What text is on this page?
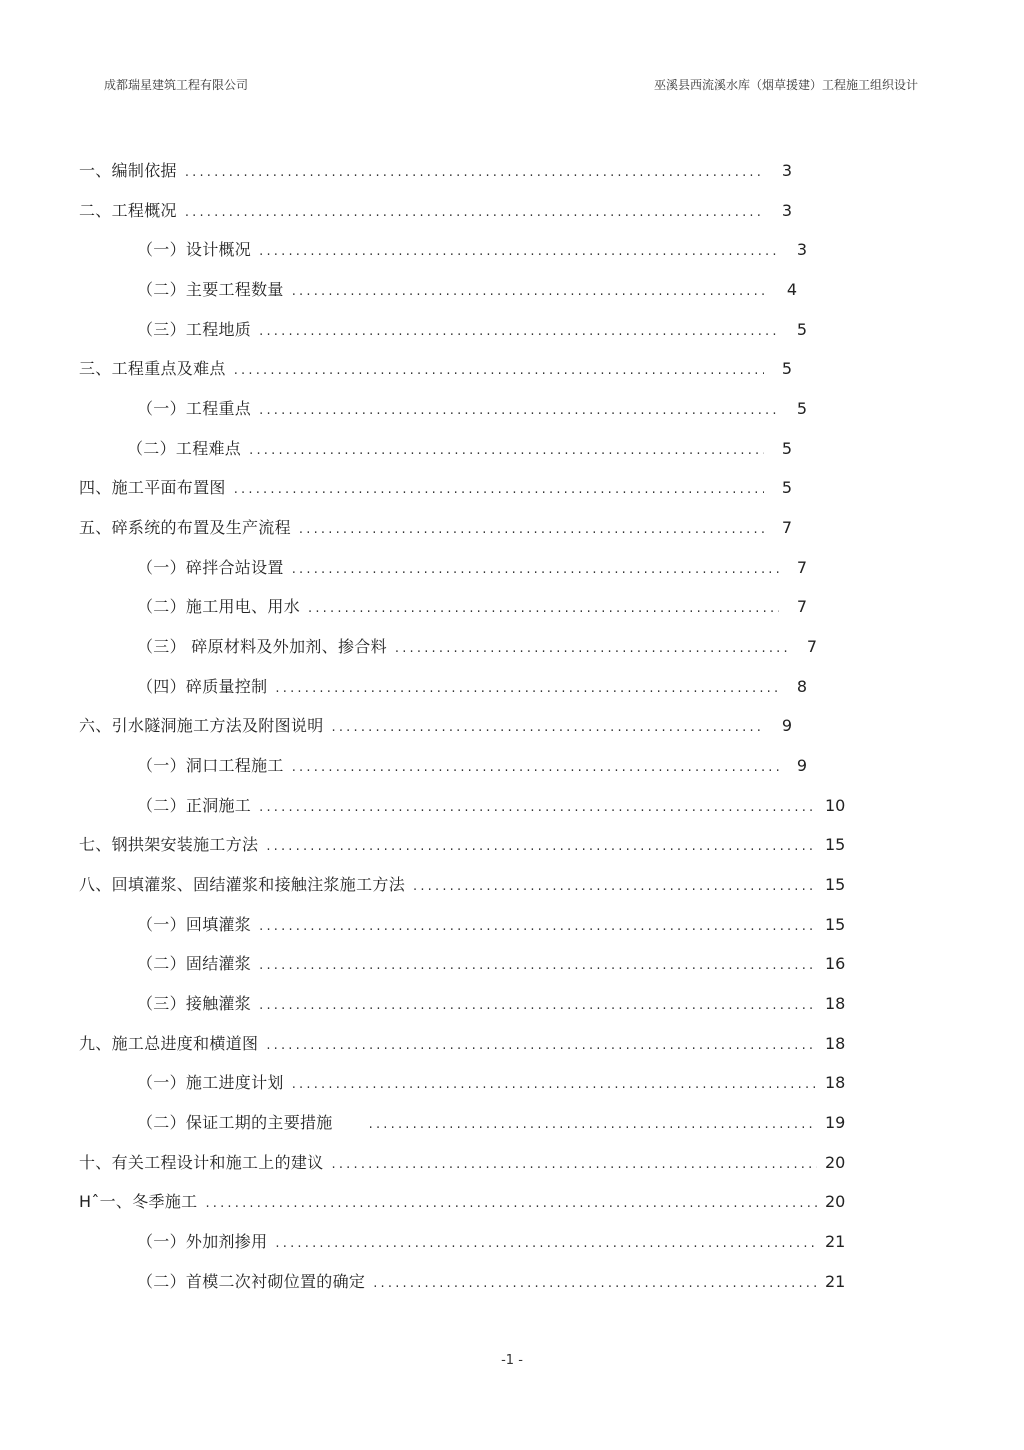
成都瑞星建筑工程有限公司	巫溪县西流溪水库（烟草援建）工程施工组织设计
一、编制依据 .....	3
二、工程概况 .....	3
（一）设计概况 .....	3
（二）主要工程数量 .....	4
（三）工程地质 .....	5
三、工程重点及难点 .....	5
（一）工程重点 .....	5
（二）工程难点 .....	5
四、施工平面布置图 .....	5
五、碎系统的布置及生产流程 .....	7
（一）碎拌合站设置 .....	7
（二）施工用电、用水 .....	7
（三） 碎原材料及外加剂、掺合料 .....	7
（四）碎质量控制 .....	8
六、引水隧洞施工方法及附图说明 .....	9
（一）洞口工程施工 .....	9
（二）正洞施工 .....	10
七、钢拱架安装施工方法 .....	15
八、回填灌浆、固结灌浆和接触注浆施工方法 .....	15
（一）回填灌浆 .....	15
（二）固结灌浆 .....	16
（三）接触灌浆 .....	18
九、施工总进度和横道图 .....	18
（一）施工进度计划 .....	18
（二）保证工期的主要措施 .....	19
十、有关工程设计和施工上的建议 .....	20
Hˆ一、冬季施工 .....	20
（一）外加剂掺用 .....	21
（二）首模二次衬砌位置的确定 .....	21
-1 -
